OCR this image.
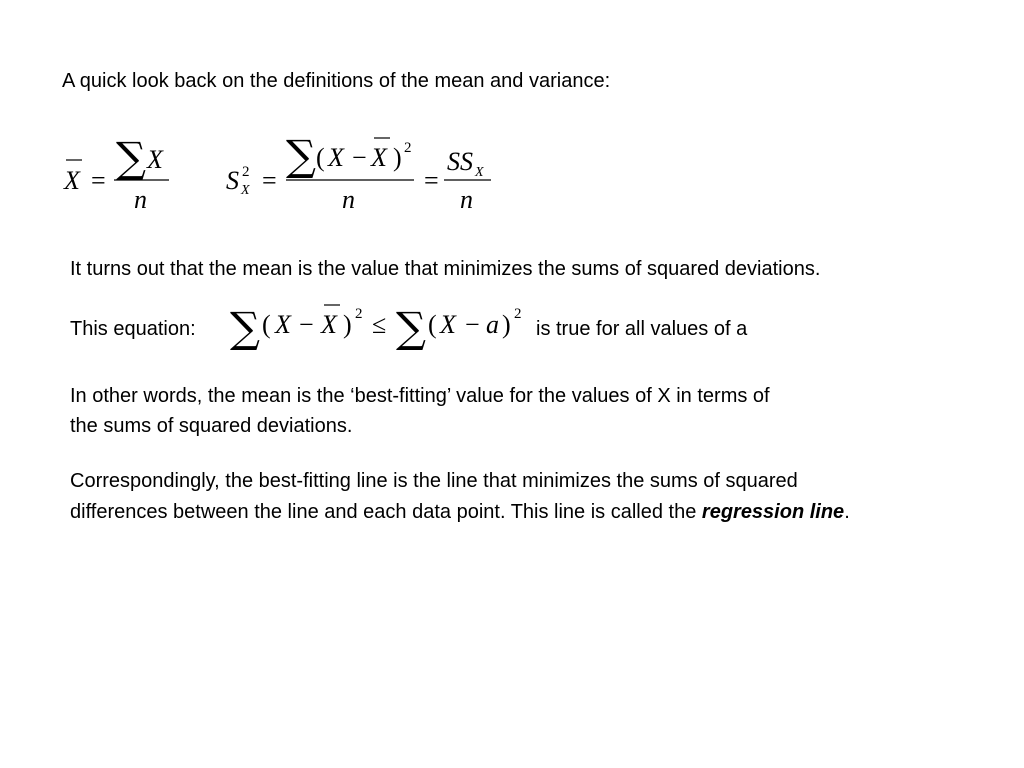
A quick look back on the definitions of the mean and variance:

X = ∑ X
n
S 2
X =
∑ ( X − X ) 2
n
=
SS X
n

It turns out that the mean is the value that minimizes the sums of squared deviations.

This equation: ∑ ( X − X ) 2 ≤ ∑ ( X − a ) 2

is true for all values of a

In other words, the mean is the ‘best-fitting’ value for the values of X in terms of

the sums of squared deviations.

Correspondingly, the best-fitting line is the line that minimizes the sums of squared

differences between the line and each data point. This line is called the regression line.
